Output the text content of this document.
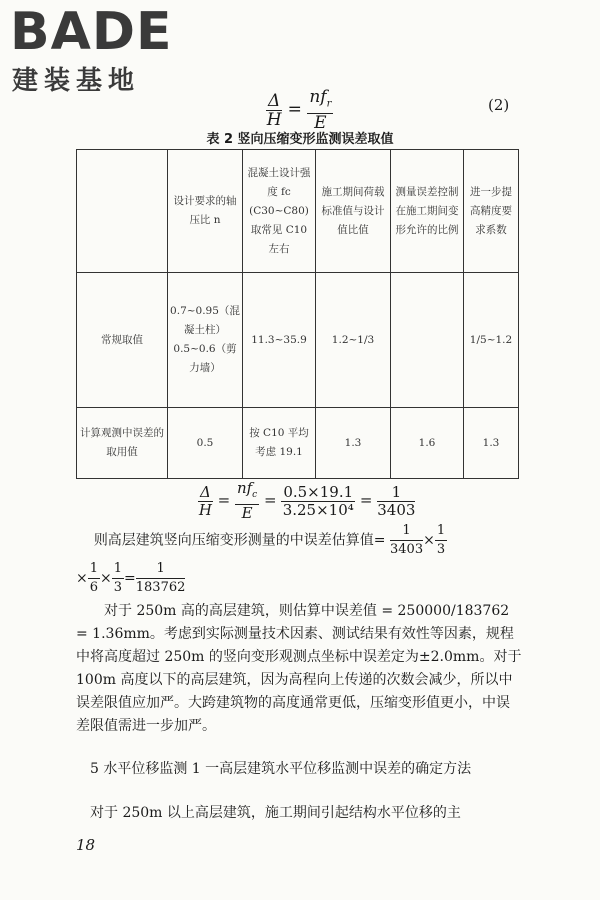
BADE
建装基地
$\frac{\Delta}{H} = \frac{nf_r}{E}$	(2)
表 2 竖向压缩变形监测误差取值
	设计要求的轴压比 n	混凝土设计强度 fc (C30~C80) 取常见 C10 左右	施工期间荷载标准值与设计值比值	测量误差控制在施工期间变形允许的比例	进一步提高精度要求系数
常规取值	0.7~0.95（混凝土柱）0.5~0.6（剪力墙）	11.3~35.9	1.2~1/3		1/5~1.2
计算观测中误差的取用值	0.5	按 C10 平均考虑 19.1	1.3	1.6	1.3
$\frac{\Delta}{H} = \frac{nf_c}{E} = \frac{0.5\times 19.1}{\text{3.25×10⁴}} = \frac{1}{3403}$
则高层建筑竖向压缩变形测量的中误差估算值= $\frac{1}{3403} \times \frac{1}{3}$
× $\frac{1}{6} \times \frac{1}{3} = \frac{1}{183762}$
对于 250m 高的高层建筑，则估算中误差值 = 250000/183762 = 1.36mm。考虑到实际测量技术因素、测试结果有效性等因素，规程中将高度超过 250m 的竖向变形观测点坐标中误差定为±2.0mm。对于 100m 高度以下的高层建筑，因为高程向上传递的次数会减少，所以中误差限值应加严。大跨建筑物的高度通常更低，压缩变形值更小，中误差限值需进一步加严。
5 水平位移监测 1 一高层建筑水平位移监测中误差的确定方法
对于 250m 以上高层建筑，施工期间引起结构水平位移的主
18
